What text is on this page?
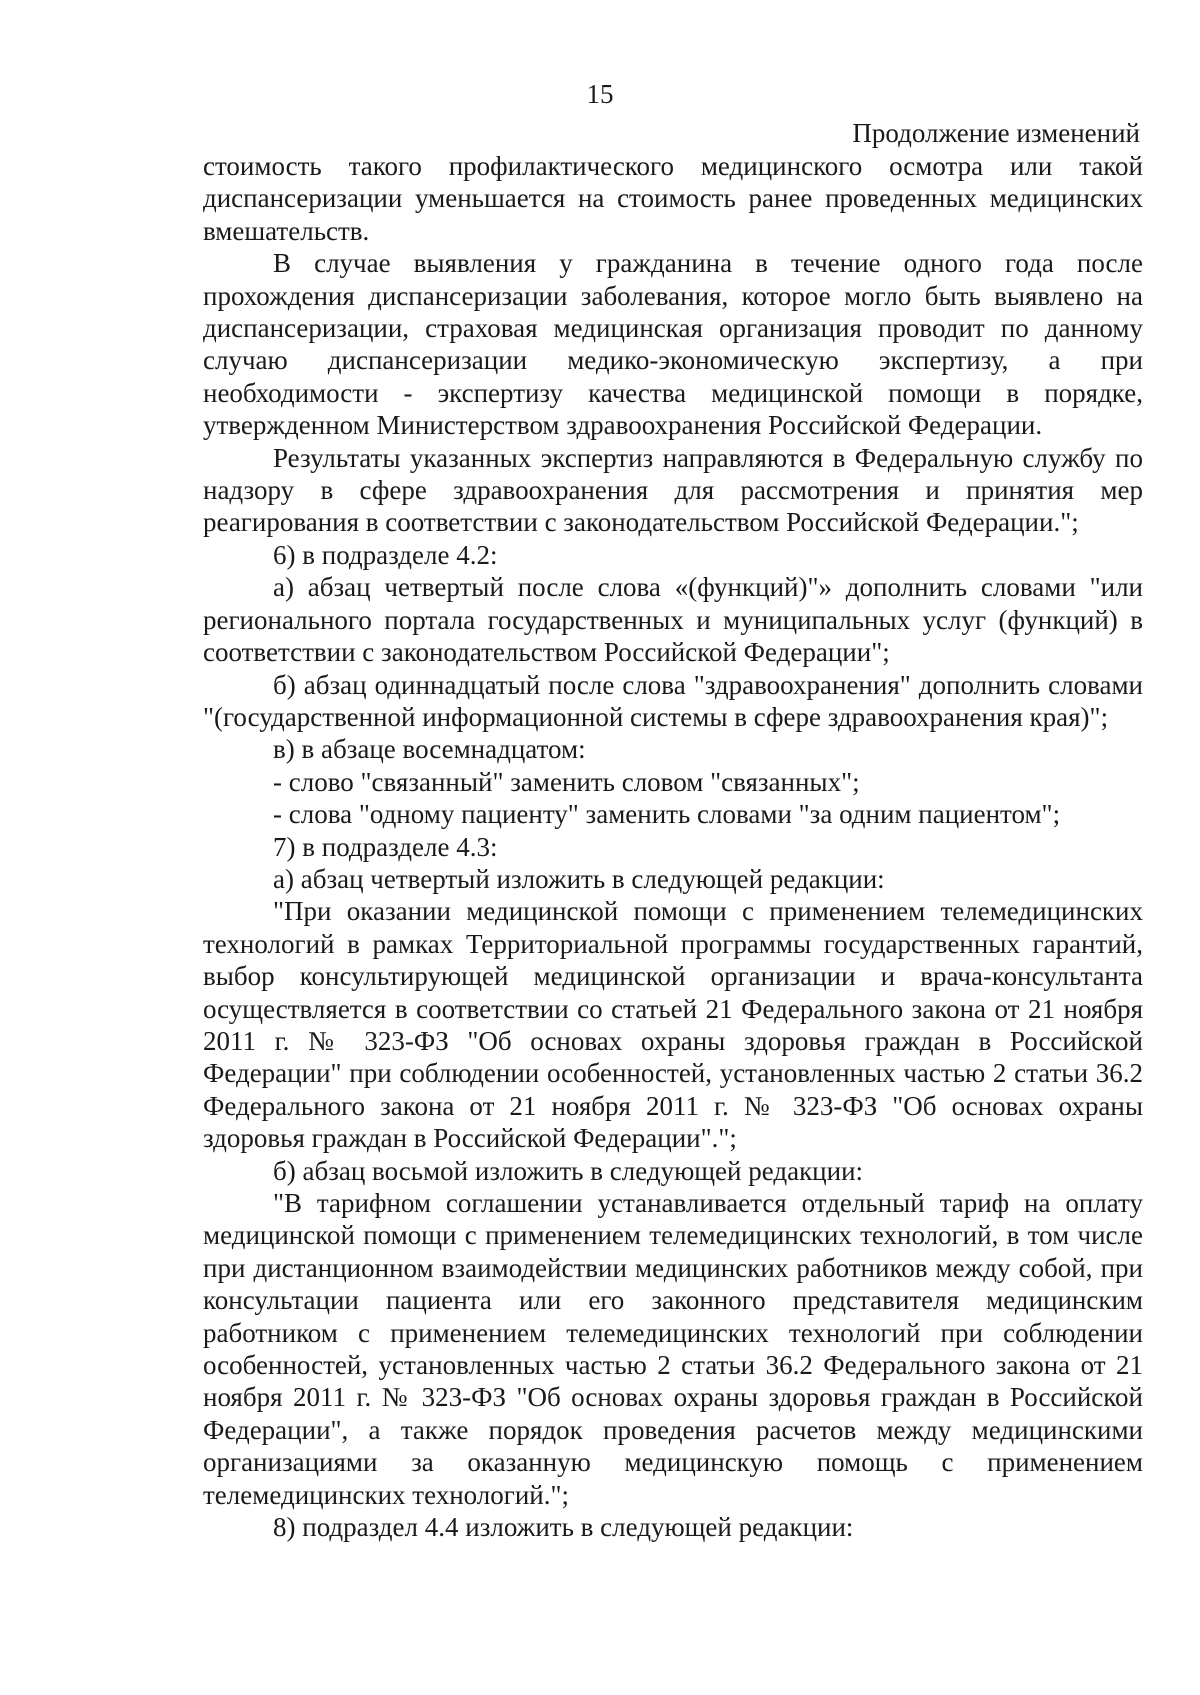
15
Продолжение изменений

стоимость такого профилактического медицинского осмотра или такой диспансеризации уменьшается на стоимость ранее проведенных медицинских вмешательств.

В случае выявления у гражданина в течение одного года после прохождения диспансеризации заболевания, которое могло быть выявлено на диспансеризации, страховая медицинская организация проводит по данному случаю диспансеризации медико-экономическую экспертизу, а при необходимости - экспертизу качества медицинской помощи в порядке, утвержденном Министерством здравоохранения Российской Федерации.

Результаты указанных экспертиз направляются в Федеральную службу по надзору в сфере здравоохранения для рассмотрения и принятия мер реагирования в соответствии с законодательством Российской Федерации.";

6) в подразделе 4.2:

а) абзац четвертый после слова «(функций)"» дополнить словами "или регионального портала государственных и муниципальных услуг (функций) в соответствии с законодательством Российской Федерации";

б) абзац одиннадцатый после слова "здравоохранения" дополнить словами "(государственной информационной системы в сфере здравоохранения края)";

в) в абзаце восемнадцатом:

- слово "связанный" заменить словом "связанных";

- слова "одному пациенту" заменить словами "за одним пациентом";

7) в подразделе 4.3:

а) абзац четвертый изложить в следующей редакции:

"При оказании медицинской помощи с применением телемедицинских технологий в рамках Территориальной программы государственных гарантий, выбор консультирующей медицинской организации и врача-консультанта осуществляется в соответствии со статьей 21 Федерального закона от 21 ноября 2011 г. № 323-ФЗ "Об основах охраны здоровья граждан в Российской Федерации" при соблюдении особенностей, установленных частью 2 статьи 36.2 Федерального закона от 21 ноября 2011 г. № 323-ФЗ "Об основах охраны здоровья граждан в Российской Федерации".";

б) абзац восьмой изложить в следующей редакции:

"В тарифном соглашении устанавливается отдельный тариф на оплату медицинской помощи с применением телемедицинских технологий, в том числе при дистанционном взаимодействии медицинских работников между собой, при консультации пациента или его законного представителя медицинским работником с применением телемедицинских технологий при соблюдении особенностей, установленных частью 2 статьи 36.2 Федерального закона от 21 ноября 2011 г. № 323-ФЗ "Об основах охраны здоровья граждан в Российской Федерации", а также порядок проведения расчетов между медицинскими организациями за оказанную медицинскую помощь с применением телемедицинских технологий.";

8) подраздел 4.4 изложить в следующей редакции:
